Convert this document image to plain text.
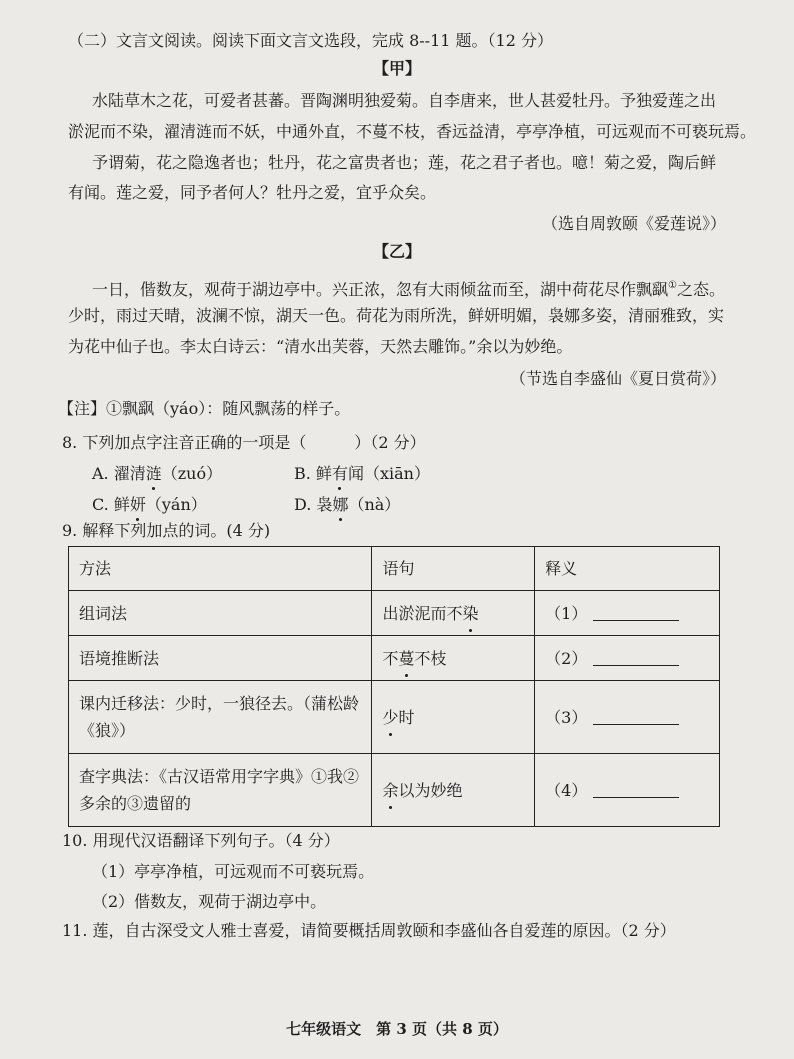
（二）文言文阅读。阅读下面文言文选段，完成 8--11 题。（12 分）
【甲】
水陆草木之花，可爱者甚蕃。晋陶渊明独爱菊。自李唐来，世人甚爱牡丹。予独爱莲之出
淤泥而不染，濯清涟而不妖，中通外直，不蔓不枝，香远益清，亭亭净植，可远观而不可亵玩焉。
予谓菊，花之隐逸者也；牡丹，花之富贵者也；莲，花之君子者也。噫！菊之爱，陶后鲜
有闻。莲之爱，同予者何人？牡丹之爱，宜乎众矣。
（选自周敦颐《爱莲说》）
【乙】
一日，偕数友，观荷于湖边亭中。兴正浓，忽有大雨倾盆而至，湖中荷花尽作飘飖①之态。
少时，雨过天晴，波澜不惊，湖天一色。荷花为雨所洗，鲜妍明媚，袅娜多姿，清丽雅致，实
为花中仙子也。李太白诗云：“清水出芙蓉，天然去雕饰。”余以为妙绝。
（节选自李盛仙《夏日赏荷》）
【注】①飘飖（yáo）：随风飘荡的样子。
8. 下列加点字注音正确的一项是（　　　）（2 分）
A. 濯清涟（zuó）	B. 鲜有闻（xiān）
C. 鲜妍（yán）	D. 袅娜（nà）
9. 解释下列加点的词。(4 分)
方法	语句	释义
组词法	出淤泥而不染	（1）
语境推断法	不蔓不枝	（2）
课内迁移法：少时，一狼径去。（蒲松龄
《狼》）	少时	（3）
查字典法：《古汉语常用字字典》①我②
多余的③遗留的	余以为妙绝	（4）
10. 用现代汉语翻译下列句子。（4 分）
（1）亭亭净植，可远观而不可亵玩焉。
（2）偕数友，观荷于湖边亭中。
11. 莲，自古深受文人雅士喜爱，请简要概括周敦颐和李盛仙各自爱莲的原因。（2 分）
七年级语文　第 3 页（共 8 页）
